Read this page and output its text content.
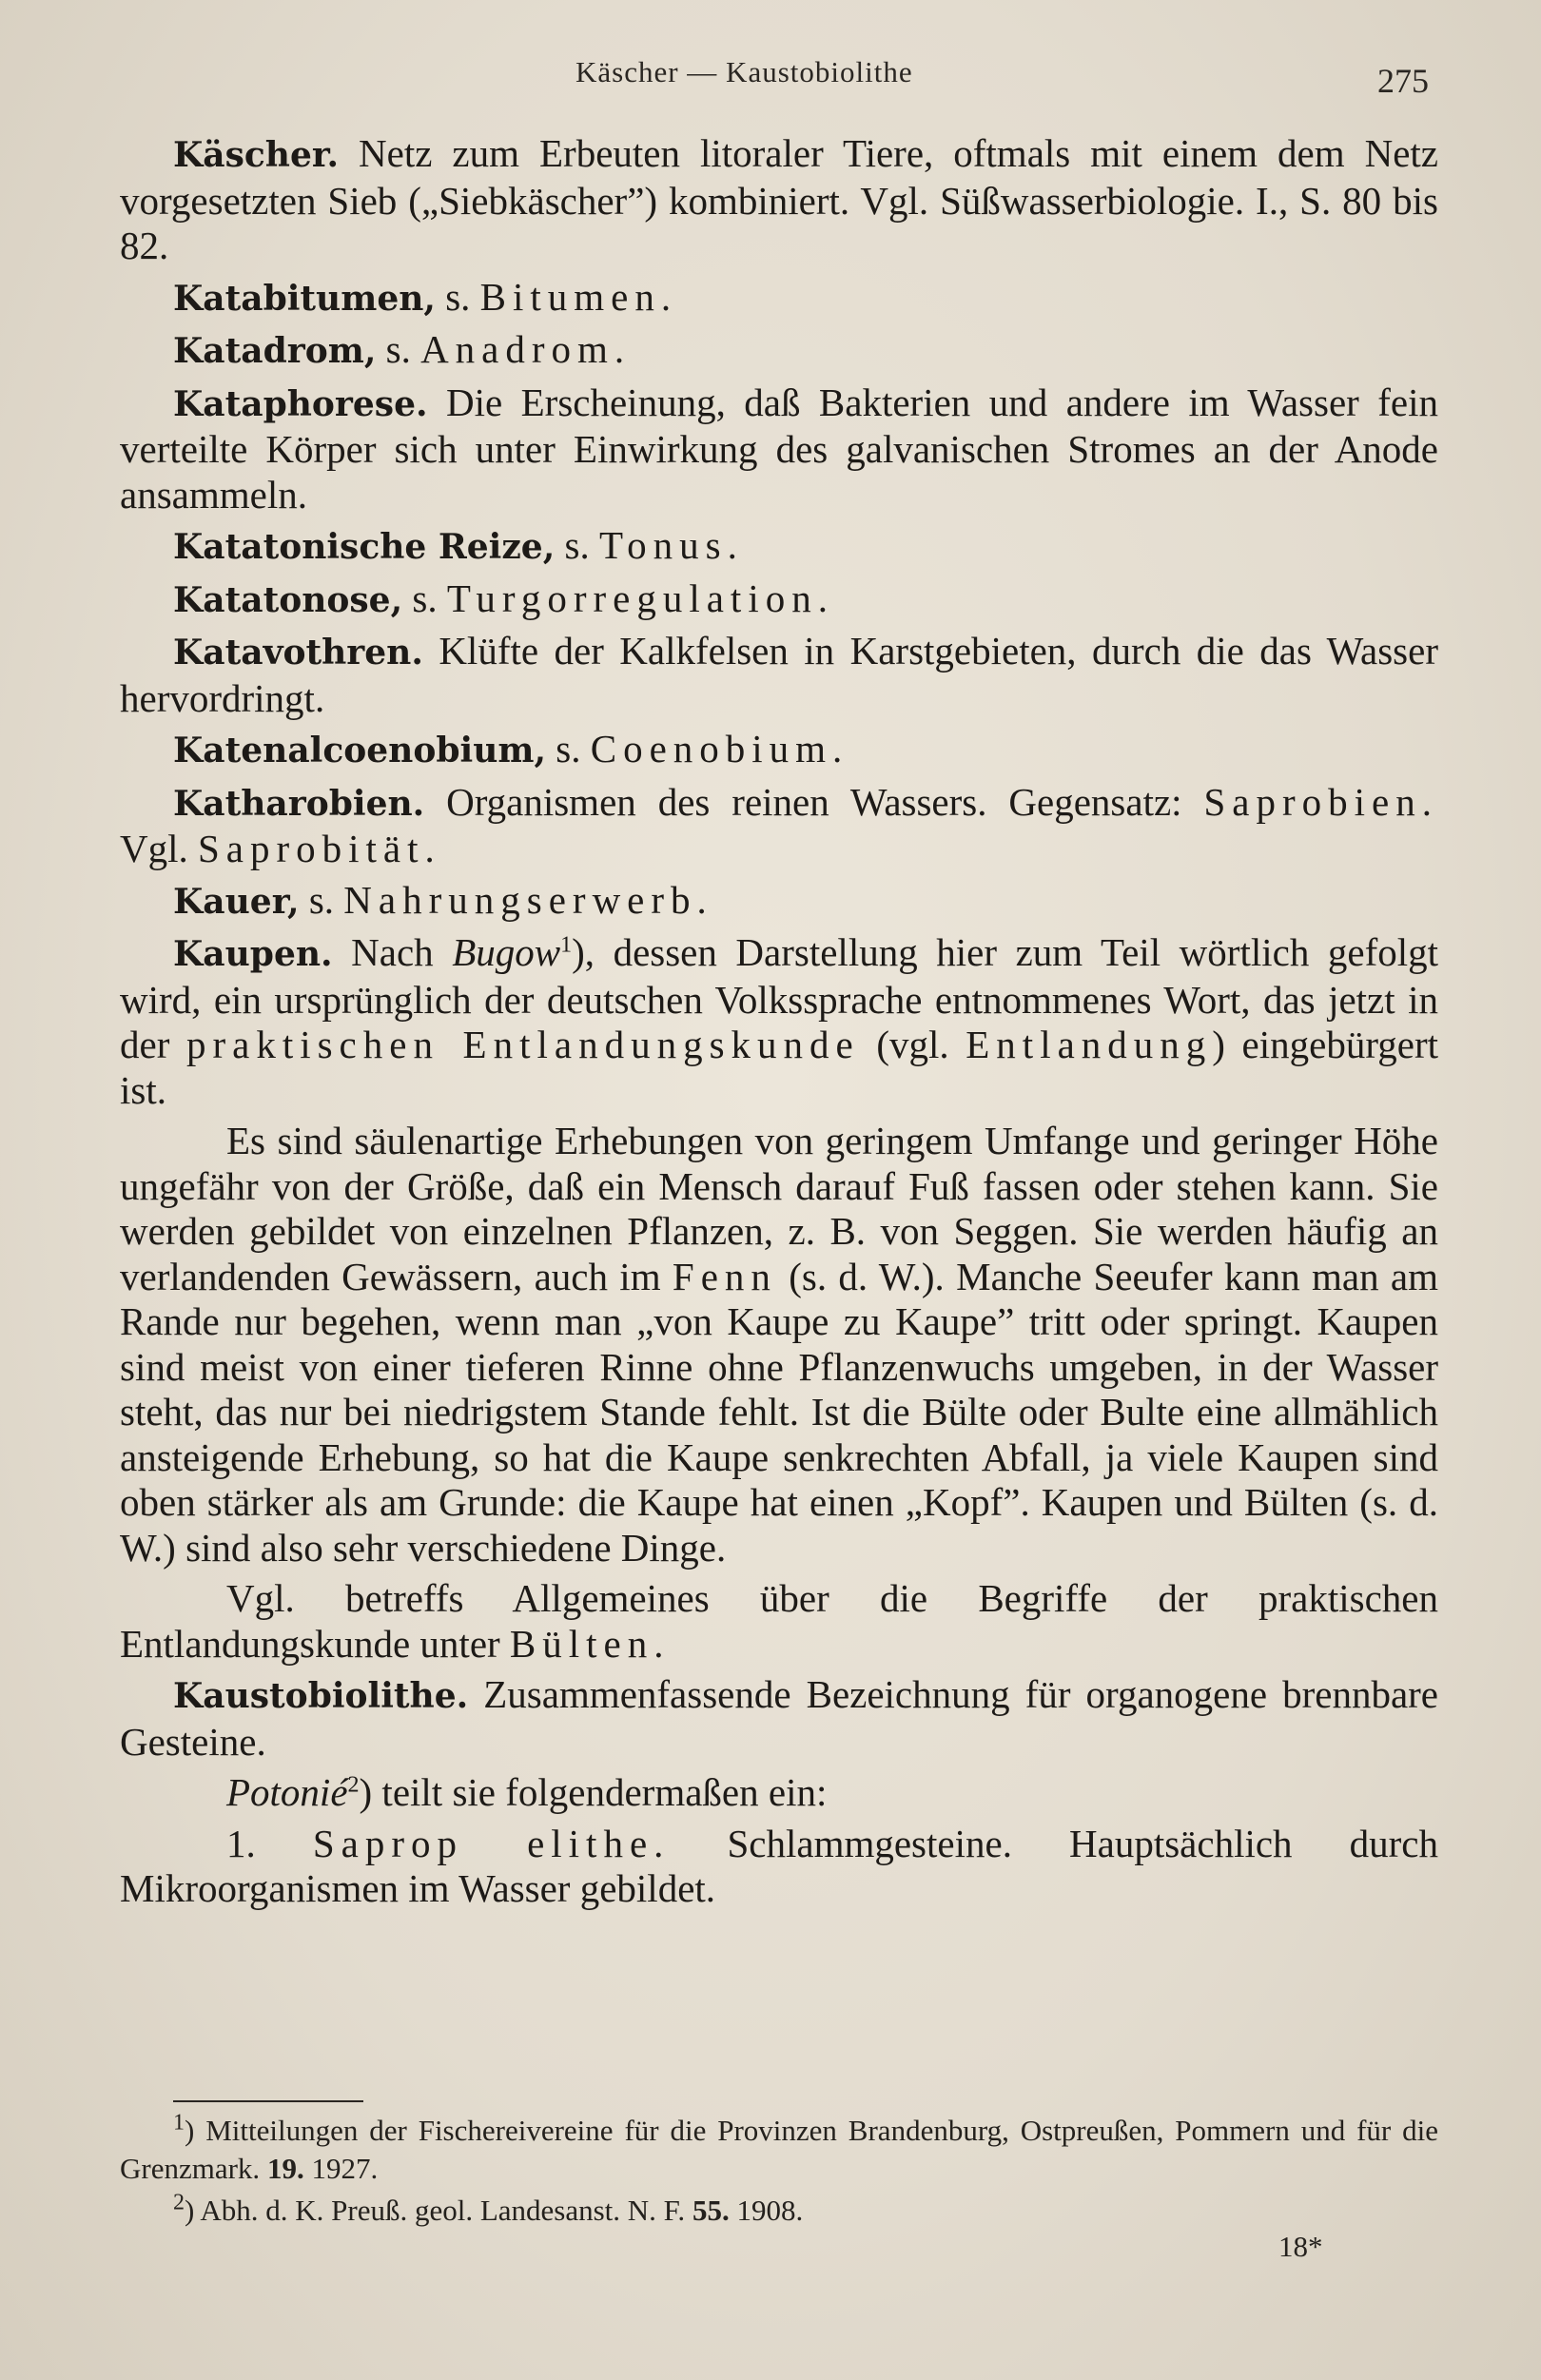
Käscher — Kaustobiolithe	275

Käscher. Netz zum Erbeuten litoraler Tiere, oftmals mit einem dem Netz vorgesetzten Sieb („Siebkäscher”) kombiniert. Vgl. Süßwasserbiologie. I., S. 80 bis 82.

Katabitumen, s. Bitumen.

Katadrom, s. Anadrom.

Kataphorese. Die Erscheinung, daß Bakterien und andere im Wasser fein verteilte Körper sich unter Einwirkung des galvanischen Stromes an der Anode ansammeln.

Katatonische Reize, s. Tonus.

Katatonose, s. Turgorregulation.

Katavothren. Klüfte der Kalkfelsen in Karstgebieten, durch die das Wasser hervordringt.

Katenalcoenobium, s. Coenobium.

Katharobien. Organismen des reinen Wassers. Gegensatz: Saprobien. Vgl. Saprobität.

Kauer, s. Nahrungserwerb.

Kaupen. Nach Bugow$^1$), dessen Darstellung hier zum Teil wörtlich gefolgt wird, ein ursprünglich der deutschen Volkssprache entnommenes Wort, das jetzt in der praktischen Entlandungskunde (vgl. Entlandung) eingebürgert ist.

Es sind säulenartige Erhebungen von geringem Umfange und geringer Höhe ungefähr von der Größe, daß ein Mensch darauf Fuß fassen oder stehen kann. Sie werden gebildet von einzelnen Pflanzen, z. B. von Seggen. Sie werden häufig an verlandenden Gewässern, auch im Fenn (s. d. W.). Manche Seeufer kann man am Rande nur begehen, wenn man „von Kaupe zu Kaupe” tritt oder springt. Kaupen sind meist von einer tieferen Rinne ohne Pflanzenwuchs umgeben, in der Wasser steht, das nur bei niedrigstem Stande fehlt. Ist die Bülte oder Bulte eine allmählich ansteigende Erhebung, so hat die Kaupe senkrechten Abfall, ja viele Kaupen sind oben stärker als am Grunde: die Kaupe hat einen „Kopf”. Kaupen und Bülten (s. d. W.) sind also sehr verschiedene Dinge.

Vgl. betreffs Allgemeines über die Begriffe der praktischen Entlandungskunde unter Bülten.

Kaustobiolithe. Zusammenfassende Bezeichnung für organogene brennbare Gesteine.

Potonié$^2$) teilt sie folgendermaßen ein:

1. Saprop elithe. Schlammgesteine. Hauptsächlich durch Mikroorganismen im Wasser gebildet.

$^1$) Mitteilungen der Fischereivereine für die Provinzen Brandenburg, Ostpreußen, Pommern und für die Grenzmark. 19. 1927.

$^2$) Abh. d. K. Preuß. geol. Landesanst. N. F. 55. 1908.

18*
